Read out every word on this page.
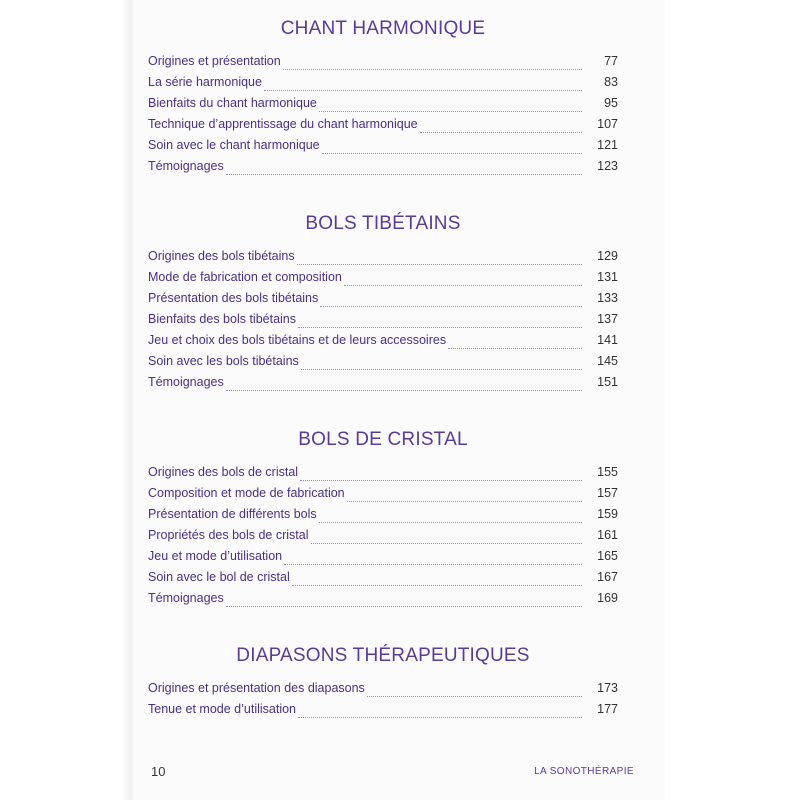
CHANT HARMONIQUE
Origines et présentation	77
La série harmonique	83
Bienfaits du chant harmonique	95
Technique d’apprentissage du chant harmonique	107
Soin avec le chant harmonique	121
Témoignages	123
BOLS TIBÉTAINS
Origines des bols tibétains	129
Mode de fabrication et composition	131
Présentation des bols tibétains	133
Bienfaits des bols tibétains	137
Jeu et choix des bols tibétains et de leurs accessoires	141
Soin avec les bols tibétains	145
Témoignages	151
BOLS DE CRISTAL
Origines des bols de cristal	155
Composition et mode de fabrication	157
Présentation de différents bols	159
Propriétés des bols de cristal	161
Jeu et mode d’utilisation	165
Soin avec le bol de cristal	167
Témoignages	169
DIAPASONS THÉRAPEUTIQUES
Origines et présentation des diapasons	173
Tenue et mode d’utilisation	177
10	LA SONOTHÉRAPIE
